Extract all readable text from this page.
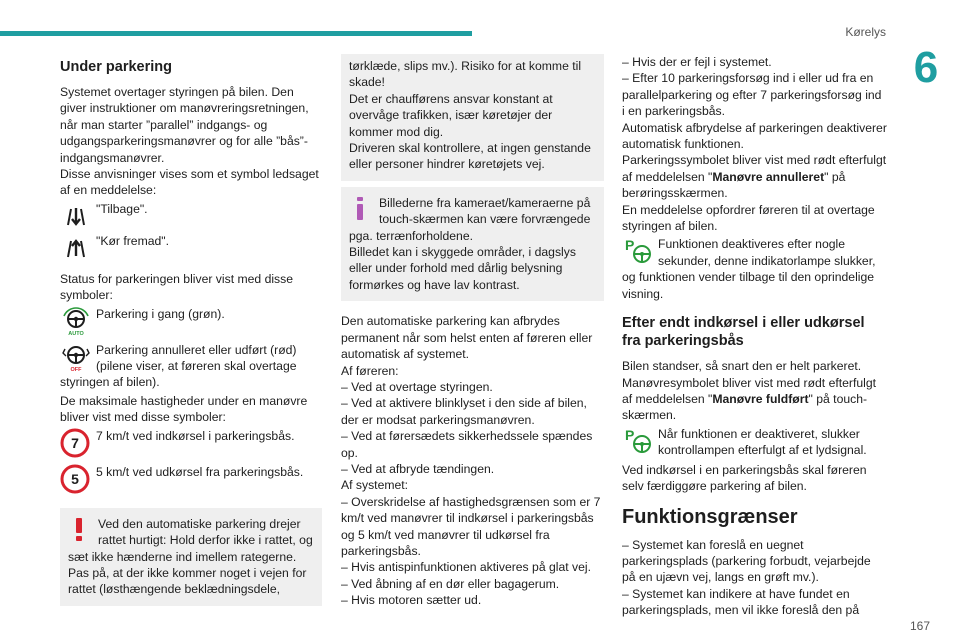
Kørelys
6
167
Under parkering

Systemet overtager styringen på bilen. Den giver instruktioner om manøvreringsretningen, når man starter ”parallel” indgangs- og udgangsparkeringsmanøvrer og for alle ”bås”-indgangsmanøvrer.

Disse anvisninger vises som et symbol ledsaget af en meddelelse:

"Tilbage".
"Kør fremad".

Status for parkeringen bliver vist med disse symboler:

AUTO
Parkering i gang (grøn).
OFF
Parkering annulleret eller udført (rød) (pilene viser, at føreren skal overtage styringen af bilen).

De maksimale hastigheder under en manøvre bliver vist med disse symboler:

7 7 km/t ved indkørsel i parkeringsbås.
5 5 km/t ved udkørsel fra parkeringsbås.

Ved den automatiske parkering drejer rattet hurtigt: Hold derfor ikke i rattet, og sæt ikke hænderne ind imellem rategerne. Pas på, at der ikke kommer noget i vejen for rattet (løsthængende beklædningsdele,

tørklæde, slips mv.). Risiko for at komme til skade!

Det er chaufførens ansvar konstant at overvåge trafikken, især køretøjer der kommer mod dig.

Driveren skal kontrollere, at ingen genstande eller personer hindrer køretøjets vej.

Billederne fra kameraet/kameraerne på touch-skærmen kan være forvrængede pga. terrænforholdene.

Billedet kan i skyggede områder, i dagslys eller under forhold med dårlig belysning formørkes og have lav kontrast.

Den automatiske parkering kan afbrydes permanent når som helst enten af føreren eller automatisk af systemet.

Af føreren:

– Ved at overtage styringen.

– Ved at aktivere blinklyset i den side af bilen, der er modsat parkeringsmanøvren.

– Ved at førersædets sikkerhedssele spændes op.

– Ved at afbryde tændingen.

Af systemet:

– Overskridelse af hastighedsgrænsen som er 7 km/t ved manøvrer til indkørsel i parkeringsbås og 5 km/t ved manøvrer til udkørsel fra parkeringsbås.

– Hvis antispinfunktionen aktiveres på glat vej.

– Ved åbning af en dør eller bagagerum.

– Hvis motoren sætter ud.

– Hvis der er fejl i systemet.

– Efter 10 parkeringsforsøg ind i eller ud fra en parallelparkering og efter 7 parkeringsforsøg ind i en parkeringsbås.

Automatisk afbrydelse af parkeringen deaktiverer automatisk funktionen.

Parkeringssymbolet bliver vist med rødt efterfulgt af meddelelsen "Manøvre annulleret" på berøringsskærmen.

En meddelelse opfordrer føreren til at overtage styringen af bilen.

P Funktionen deaktiveres efter nogle sekunder, denne indikatorlampe slukker, og funktionen vender tilbage til den oprindelige visning.
Efter endt indkørsel i eller udkørsel fra parkeringsbås

Bilen standser, så snart den er helt parkeret.

Manøvresymbolet bliver vist med rødt efterfulgt af meddelelsen "Manøvre fuldført" på touch-skærmen.

P Når funktionen er deaktiveret, slukker kontrollampen efterfulgt af et lydsignal.

Ved indkørsel i en parkeringsbås skal føreren selv færdiggøre parkering af bilen.

Funktionsgrænser

– Systemet kan foreslå en uegnet parkeringsplads (parkering forbudt, vejarbejde på en ujævn vej, langs en grøft mv.).

– Systemet kan indikere at have fundet en parkeringsplads, men vil ikke foreslå den på
